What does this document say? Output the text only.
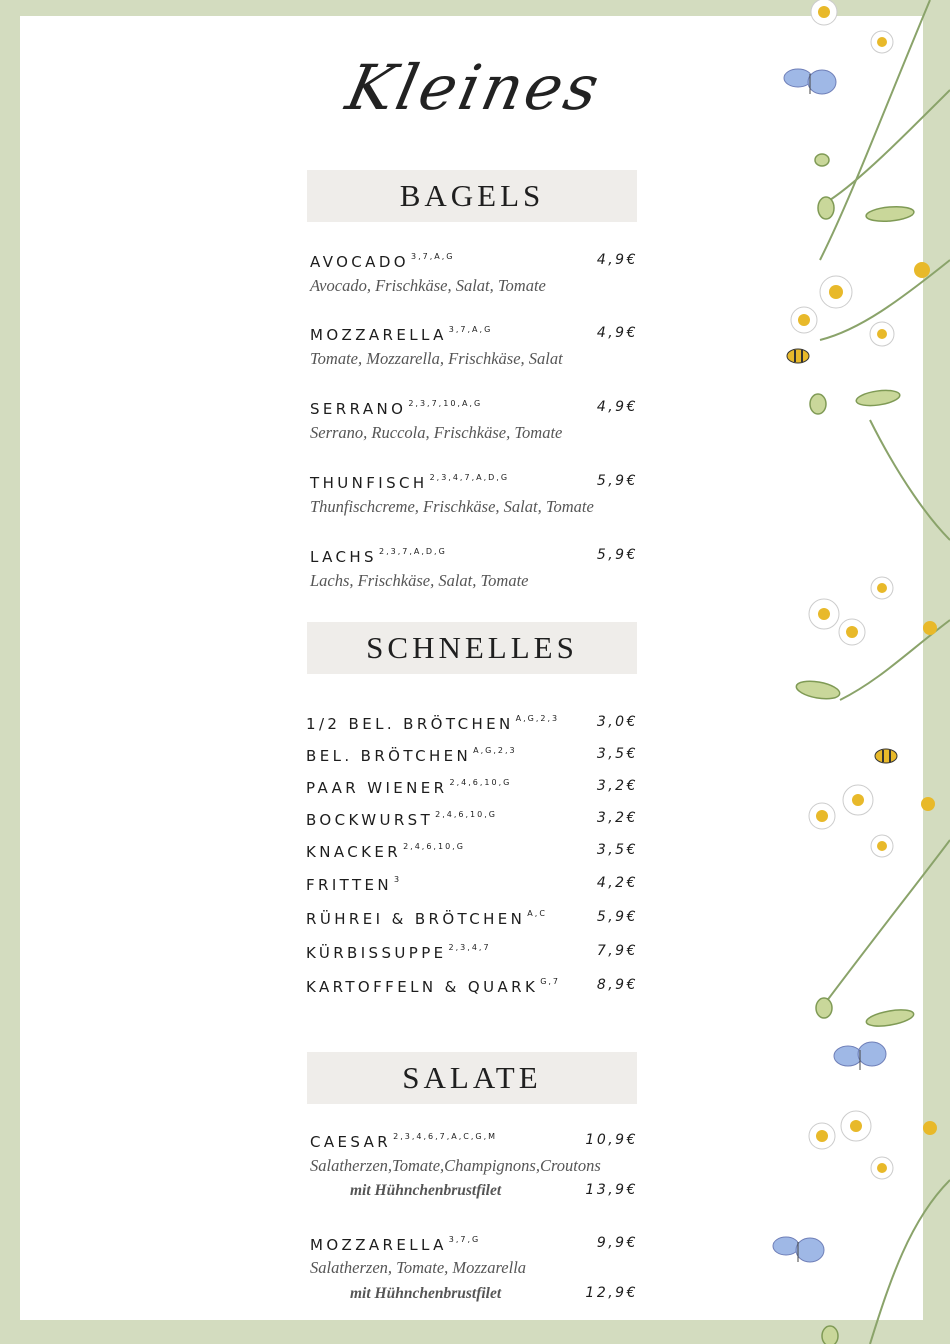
Kleines
BAGELS
AVOCADO $^{3,7,A,G}$	4,9€
Avocado, Frischkäse, Salat, Tomate
MOZZARELLA $^{3,7,A,G}$	4,9€
Tomate, Mozzarella, Frischkäse, Salat
SERRANO $^{2,3,7,10,A,G}$	4,9€
Serrano, Ruccola, Frischkäse, Tomate
THUNFISCH $^{2,3,4,7,A,D,G}$	5,9€
Thunfischcreme, Frischkäse, Salat, Tomate
LACHS $^{2,3,7,A,D,G}$	5,9€
Lachs, Frischkäse, Salat, Tomate
SCHNELLES
1/2 BEL. BRÖTCHEN $^{A,G,2,3}$	3,0€
BEL. BRÖTCHEN $^{A,G,2,3}$	3,5€
PAAR WIENER $^{2,4,6,10,G}$	3,2€
BOCKWURST $^{2,4,6,10,G}$	3,2€
KNACKER $^{2,4,6,10,G}$	3,5€
FRITTEN $^3$	4,2€
RÜHREI & BRÖTCHEN $^{A,C}$	5,9€
KÜRBISSUPPE $^{2,3,4,7}$	7,9€
KARTOFFELN & QUARK $^{G,7}$	8,9€
SALATE
CAESAR $^{2,3,4,6,7,A,C,G,M}$	10,9€
Salatherzen,Tomate,Champignons,Croutons
mit Hühnchenbrustfilet	13,9€
MOZZARELLA $^{3,7,G}$	9,9€
Salatherzen, Tomate, Mozzarella
mit Hühnchenbrustfilet	12,9€
